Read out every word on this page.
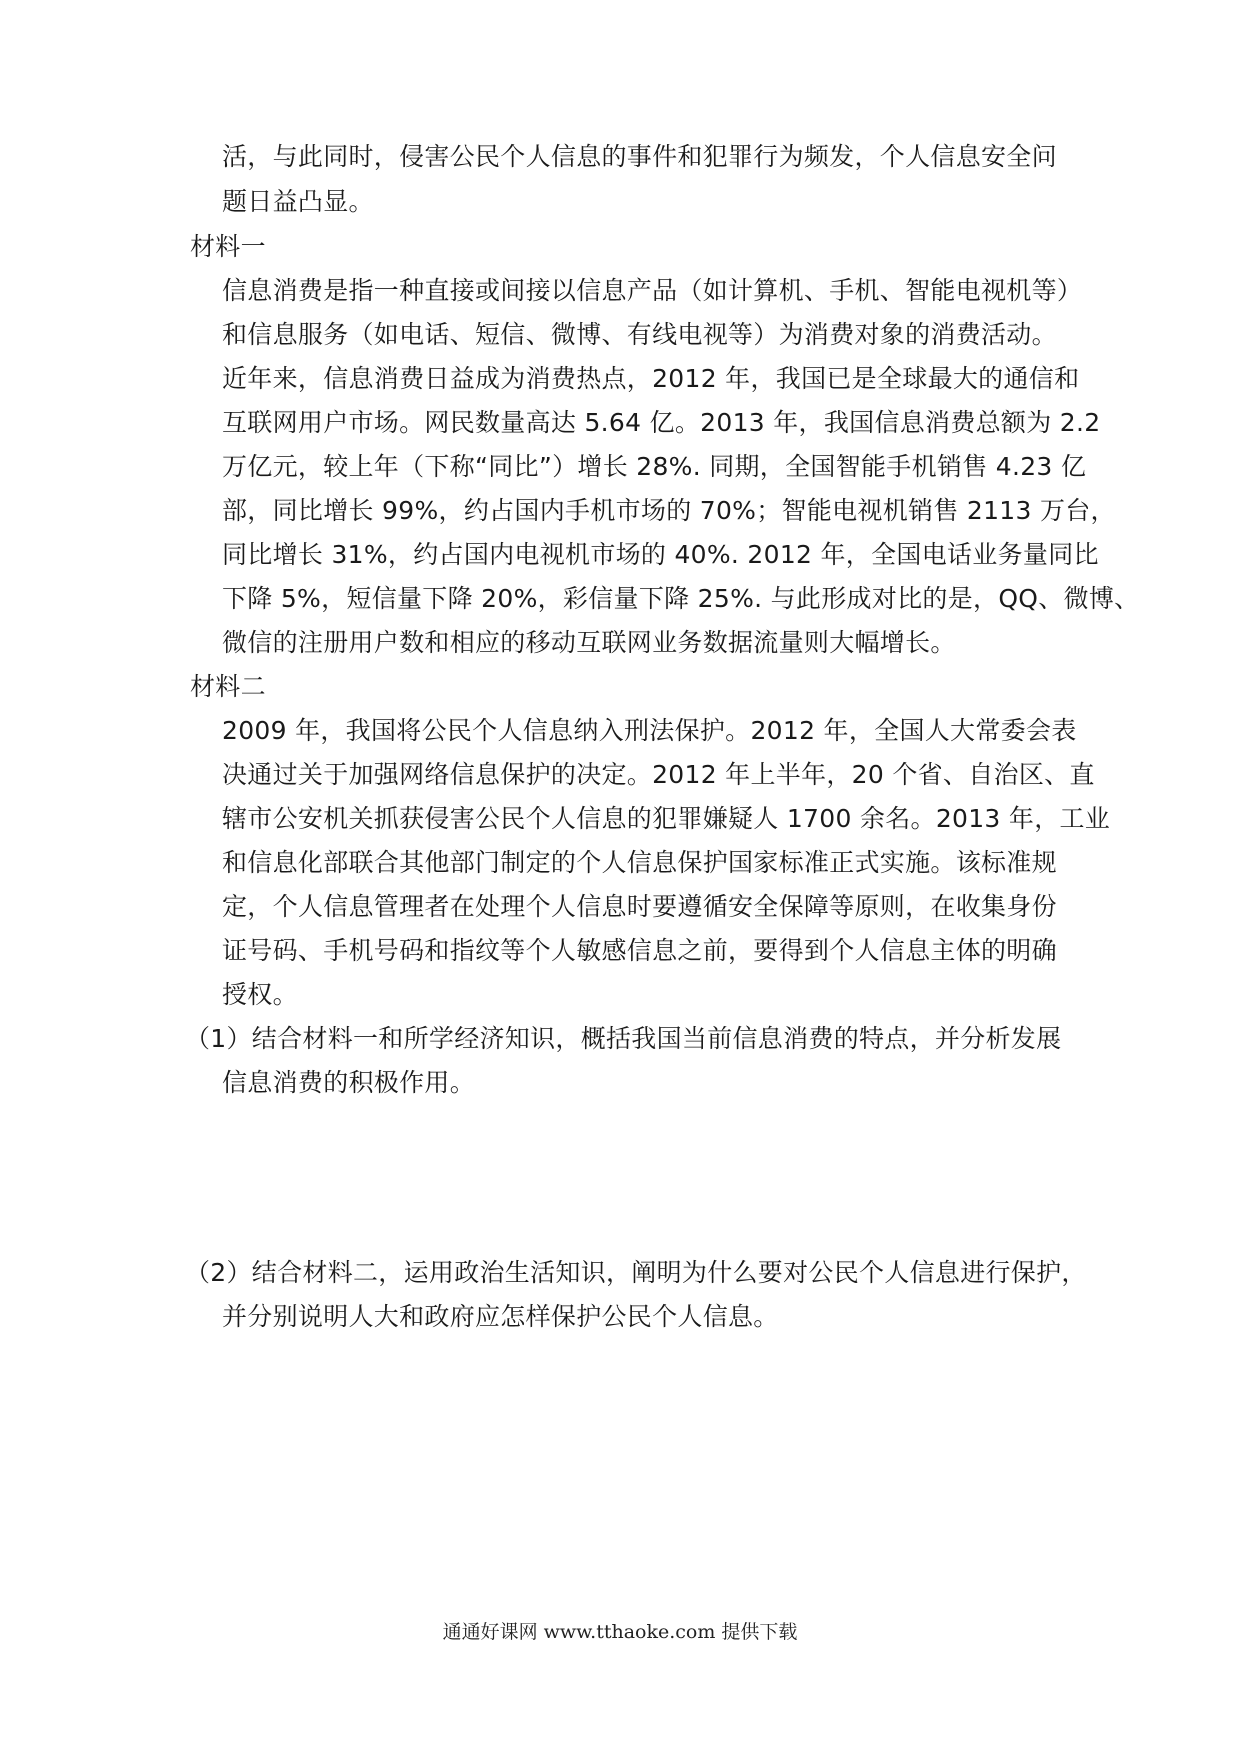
活，与此同时，侵害公民个人信息的事件和犯罪行为频发，个人信息安全问
题日益凸显。
材料一
信息消费是指一种直接或间接以信息产品（如计算机、手机、智能电视机等）
和信息服务（如电话、短信、微博、有线电视等）为消费对象的消费活动。
近年来，信息消费日益成为消费热点，2012 年，我国已是全球最大的通信和
互联网用户市场。网民数量高达 5.64 亿。2013 年，我国信息消费总额为 2.2
万亿元，较上年（下称“同比”）增长 28%. 同期，全国智能手机销售 4.23 亿
部，同比增长 99%，约占国内手机市场的 70%；智能电视机销售 2113 万台，
同比增长 31%，约占国内电视机市场的 40%. 2012 年，全国电话业务量同比
下降 5%，短信量下降 20%，彩信量下降 25%. 与此形成对比的是，QQ、微博、
微信的注册用户数和相应的移动互联网业务数据流量则大幅增长。
材料二
2009 年，我国将公民个人信息纳入刑法保护。2012 年，全国人大常委会表
决通过关于加强网络信息保护的决定。2012 年上半年，20 个省、自治区、直
辖市公安机关抓获侵害公民个人信息的犯罪嫌疑人 1700 余名。2013 年，工业
和信息化部联合其他部门制定的个人信息保护国家标准正式实施。该标准规
定，个人信息管理者在处理个人信息时要遵循安全保障等原则，在收集身份
证号码、手机号码和指纹等个人敏感信息之前，要得到个人信息主体的明确
授权。
（1）结合材料一和所学经济知识，概括我国当前信息消费的特点，并分析发展
信息消费的积极作用。
（2）结合材料二，运用政治生活知识，阐明为什么要对公民个人信息进行保护，
并分别说明人大和政府应怎样保护公民个人信息。
通通好课网 www.tthaoke.com 提供下载
